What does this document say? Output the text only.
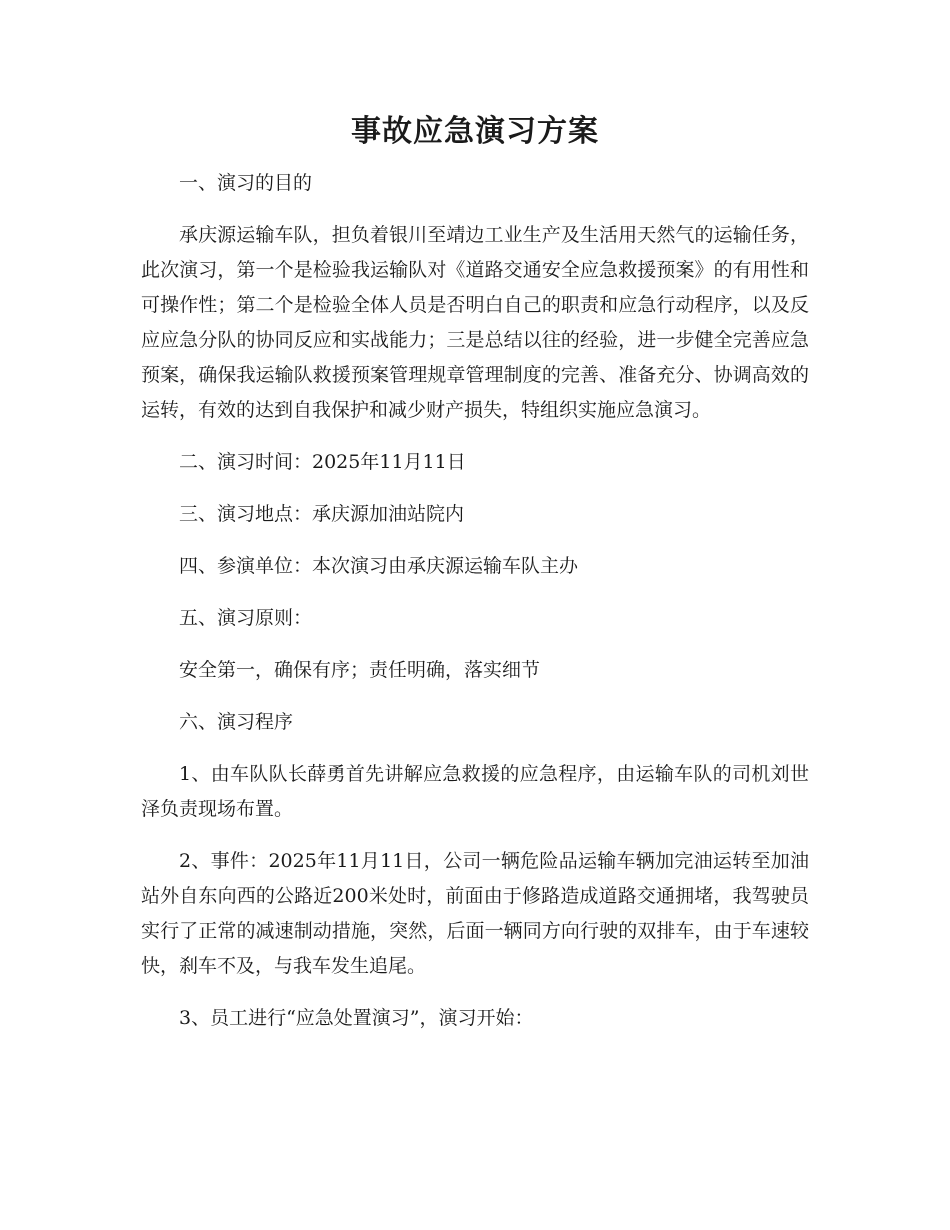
事故应急演习方案

一、演习的目的

承庆源运输车队，担负着银川至靖边工业生产及生活用天然气的运输任务，此次演习，第一个是检验我运输队对《道路交通安全应急救援预案》的有用性和可操作性；第二个是检验全体人员是否明白自己的职责和应急行动程序，以及反应应急分队的协同反应和实战能力；三是总结以往的经验，进一步健全完善应急预案，确保我运输队救援预案管理规章管理制度的完善、准备充分、协调高效的运转，有效的达到自我保护和减少财产损失，特组织实施应急演习。

二、演习时间：2025年11月11日

三、演习地点：承庆源加油站院内

四、参演单位：本次演习由承庆源运输车队主办

五、演习原则：

安全第一，确保有序；责任明确，落实细节

六、演习程序

1、由车队队长薛勇首先讲解应急救援的应急程序，由运输车队的司机刘世泽负责现场布置。

2、事件：2025年11月11日，公司一辆危险品运输车辆加完油运转至加油站外自东向西的公路近200米处时，前面由于修路造成道路交通拥堵，我驾驶员实行了正常的减速制动措施，突然，后面一辆同方向行驶的双排车，由于车速较快，刹车不及，与我车发生追尾。

3、员工进行“应急处置演习”，演习开始：
